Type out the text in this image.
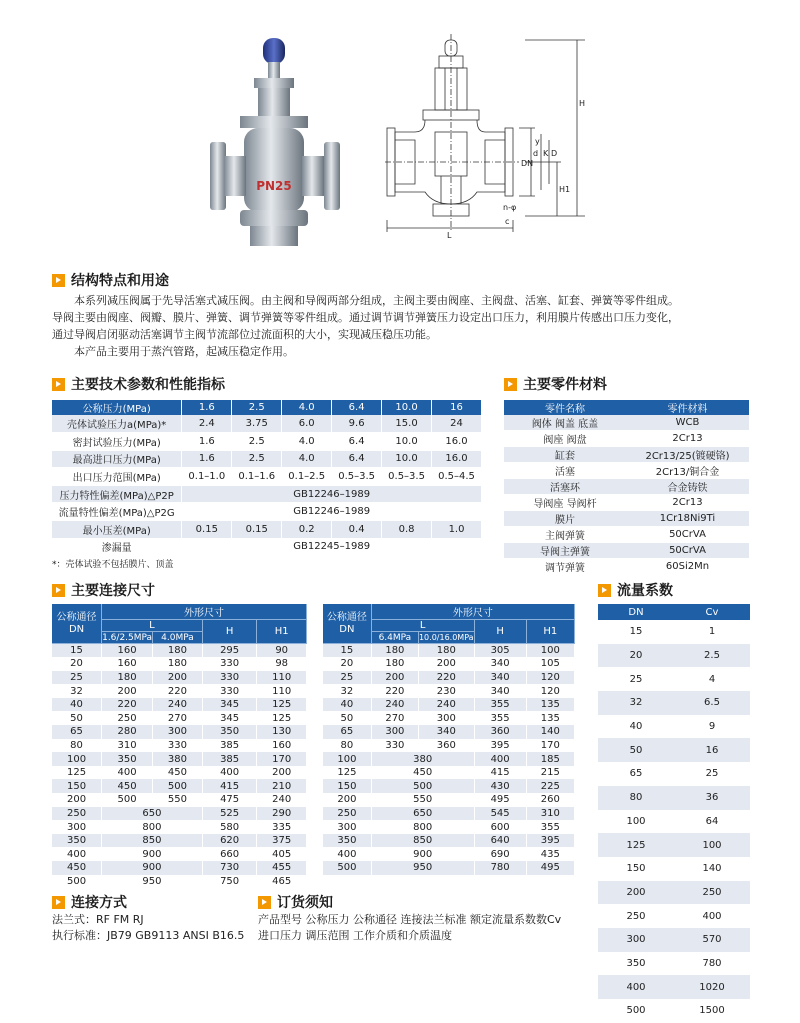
PN25
H
H1
DN
D
K
d
y
n-φ
L
c
结构特点和用途
本系列减压阀属于先导活塞式减压阀。由主阀和导阀两部分组成，主阀主要由阀座、主阀盘、活塞、缸套、弹簧等零件组成。
导阀主要由阀座、阀瓣、膜片、弹簧、调节弹簧等零件组成。通过调节调节弹簧压力设定出口压力，利用膜片传感出口压力变化，
通过导阀启闭驱动活塞调节主阀节流部位过流面积的大小，实现减压稳压功能。
本产品主要用于蒸汽管路，起减压稳定作用。
主要技术参数和性能指标
公称压力(MPa)	1.6	2.5	4.0	6.4	10.0	16
壳体试验压力a(MPa)*	2.4	3.75	6.0	9.6	15.0	24
密封试验压力(MPa)	1.6	2.5	4.0	6.4	10.0	16.0
最高进口压力(MPa)	1.6	2.5	4.0	6.4	10.0	16.0
出口压力范围(MPa)	0.1–1.0	0.1–1.6	0.1–2.5	0.5–3.5	0.5–3.5	0.5–4.5
压力特性偏差(MPa)△P2P	GB12246–1989					
流量特性偏差(MPa)△P2G	GB12246–1989					
最小压差(MPa)	0.15	0.15	0.2	0.4	0.8	1.0
渗漏量	GB12245–1989					
*：壳体试验不包括膜片、顶盖
主要零件材料
零件名称	零件材料
阀体 阀盖 底盖	WCB
阀座 阀盘	2Cr13
缸套	2Cr13/25(镀硬铬)
活塞	2Cr13/铜合金
活塞环	合金铸铁
导阀座 导阀杆	2Cr13
膜片	1Cr18Ni9Ti
主阀弹簧	50CrVA
导阀主弹簧	50CrVA
调节弹簧	60Si2Mn
主要连接尺寸
公称通径
DN	外形尺寸			
	L		H	H1
	1.6/2.5MPa	4.0MPa		
15	160	180	295	90
20	160	180	330	98
25	180	200	330	110
32	200	220	330	110
40	220	240	345	125
50	250	270	345	125
65	280	300	350	130
80	310	330	385	160
100	350	380	385	170
125	400	450	400	200
150	450	500	415	210
200	500	550	475	240
250	650		525	290
300	800		580	335
350	850		620	375
400	900		660	405
450	900		730	455
500	950		750	465
公称通径
DN	外形尺寸			
	L		H	H1
	6.4MPa	10.0/16.0MPa		
15	180	180	305	100
20	180	200	340	105
25	200	220	340	120
32	220	230	340	120
40	240	240	355	135
50	270	300	355	135
65	300	340	360	140
80	330	360	395	170
100	380		400	185
125	450		415	215
150	500		430	225
200	550		495	260
250	650		545	310
300	800		600	355
350	850		640	395
400	900		690	435
500	950		780	495
流量系数
DN	Cv
15	1
20	2.5
25	4
32	6.5
40	9
50	16
65	25
80	36
100	64
125	100
150	140
200	250
250	400
300	570
350	780
400	1020
500	1500
连接方式
法兰式：RF FM RJ
执行标准：JB79 GB9113 ANSI B16.5
订货须知
产品型号 公称压力 公称通径 连接法兰标准 额定流量系数数Cv
进口压力 调压范围 工作介质和介质温度
